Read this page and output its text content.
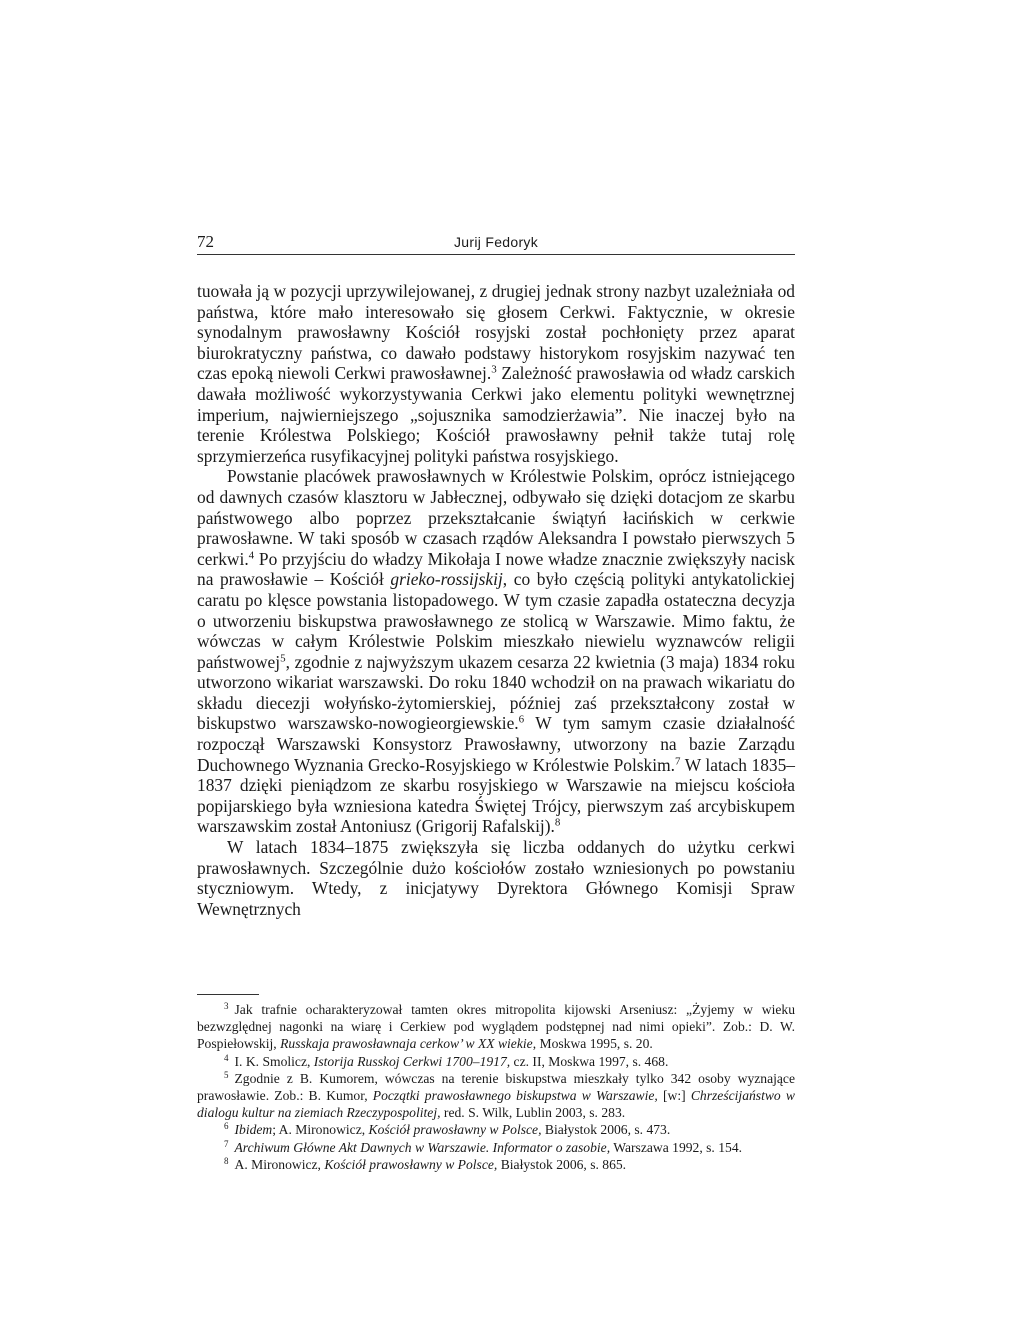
72	Jurij Fedoryk

tuowała ją w pozycji uprzywilejowanej, z drugiej jednak strony nazbyt uzależniała od państwa, które mało interesowało się głosem Cerkwi. Faktycznie, w okresie synodalnym prawosławny Kościół rosyjski został pochłonięty przez aparat biurokratyczny państwa, co dawało podstawy historykom rosyjskim nazywać ten czas epoką niewoli Cerkwi prawosławnej.$^3$ Zależność prawosławia od władz carskich dawała możliwość wykorzystywania Cerkwi jako elementu polityki wewnętrznej imperium, najwierniejszego „sojusznika samodzierżawia”. Nie inaczej było na terenie Królestwa Polskiego; Kościół prawosławny pełnił także tutaj rolę sprzymierzeńca rusyfikacyjnej polityki państwa rosyjskiego.

Powstanie placówek prawosławnych w Królestwie Polskim, oprócz istniejącego od dawnych czasów klasztoru w Jabłecznej, odbywało się dzięki dotacjom ze skarbu państwowego albo poprzez przekształcanie świątyń łacińskich w cerkwie prawosławne. W taki sposób w czasach rządów Aleksandra I powstało pierwszych 5 cerkwi.$^4$ Po przyjściu do władzy Mikołaja I nowe władze znacznie zwiększyły nacisk na prawosławie – Kościół grieko-rossijskij, co było częścią polityki antykatolickiej caratu po klęsce powstania listopadowego. W tym czasie zapadła ostateczna decyzja o utworzeniu biskupstwa prawosławnego ze stolicą w Warszawie. Mimo faktu, że wówczas w całym Królestwie Polskim mieszkało niewielu wyznawców religii państwowej$^5$, zgodnie z najwyższym ukazem cesarza 22 kwietnia (3 maja) 1834 roku utworzono wikariat warszawski. Do roku 1840 wchodził on na prawach wikariatu do składu diecezji wołyńsko-żytomierskiej, później zaś przekształcony został w biskupstwo warszawsko-nowogieorgiewskie.$^6$ W tym samym czasie działalność rozpoczął Warszawski Konsystorz Prawosławny, utworzony na bazie Zarządu Duchownego Wyznania Grecko-Rosyjskiego w Królestwie Polskim.$^7$ W latach 1835–1837 dzięki pieniądzom ze skarbu rosyjskiego w Warszawie na miejscu kościoła popijarskiego była wzniesiona katedra Świętej Trójcy, pierwszym zaś arcybiskupem warszawskim został Antoniusz (Grigorij Rafalskij).$^8$

W latach 1834–1875 zwiększyła się liczba oddanych do użytku cerkwi prawosławnych. Szczególnie dużo kościołów zostało wzniesionych po powstaniu styczniowym. Wtedy, z inicjatywy Dyrektora Głównego Komisji Spraw Wewnętrznych

$^3$ Jak trafnie ocharakteryzował tamten okres mitropolita kijowski Arseniusz: „Żyjemy w wieku bezwzględnej nagonki na wiarę i Cerkiew pod wyglądem podstępnej nad nimi opieki”. Zob.: D. W. Pospiełowskij, Russkaja prawosławnaja cerkow’ w XX wiekie, Moskwa 1995, s. 20.

$^4$ I. K. Smolicz, Istorija Russkoj Cerkwi 1700–1917, cz. II, Moskwa 1997, s. 468.

$^5$ Zgodnie z B. Kumorem, wówczas na terenie biskupstwa mieszkały tylko 342 osoby wyznające prawosławie. Zob.: B. Kumor, Początki prawosławnego biskupstwa w Warszawie, [w:] Chrześcijaństwo w dialogu kultur na ziemiach Rzeczypospolitej, red. S. Wilk, Lublin 2003, s. 283.

$^6$ Ibidem; A. Mironowicz, Kościół prawosławny w Polsce, Białystok 2006, s. 473.

$^7$ Archiwum Główne Akt Dawnych w Warszawie. Informator o zasobie, Warszawa 1992, s. 154.

$^8$ A. Mironowicz, Kościół prawosławny w Polsce, Białystok 2006, s. 865.
